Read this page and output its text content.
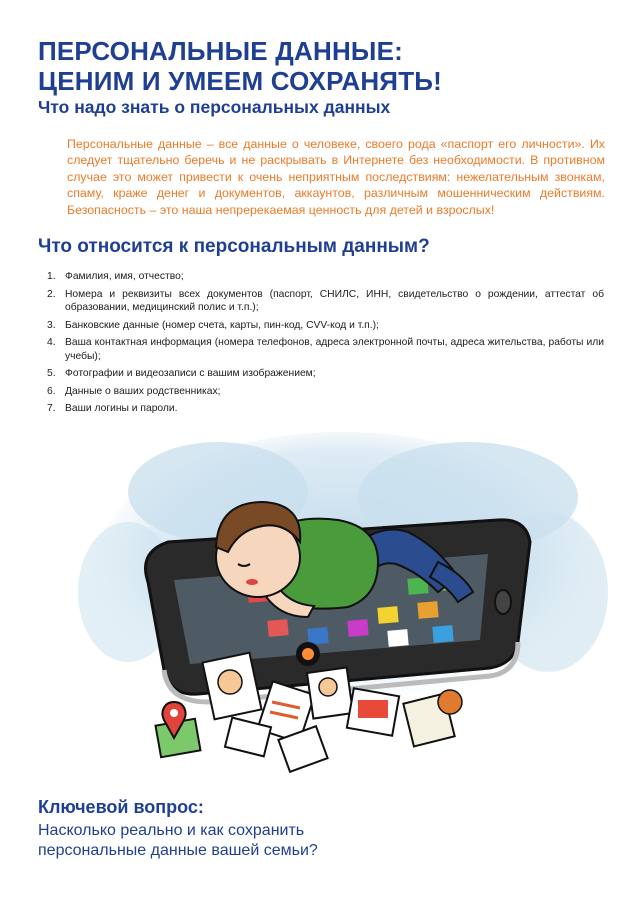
ПЕРСОНАЛЬНЫЕ ДАННЫЕ:
ЦЕНИМ И УМЕЕМ СОХРАНЯТЬ!
Что надо знать о персональных данных

Персональные данные – все данные о человеке, своего рода «паспорт его личности». Их следует тщательно беречь и не раскрывать в Интернете без необходимости. В противном случае это может привести к очень неприятным последствиям: нежелательным звонкам, спаму, краже денег и документов, аккаунтов, различным мошенническим действиям. Безопасность – это наша непререкаемая ценность для детей и взрослых!

Что относится к персональным данным?
1. Фамилия, имя, отчество;
2. Номера и реквизиты всех документов (паспорт, СНИЛС, ИНН, свидетельство о рождении, аттестат об образовании, медицинский полис и т.п.);
3. Банковские данные (номер счета, карты, пин-код, CVV-код и т.п.);
4. Ваша контактная информация (номера телефонов, адреса электронной почты, адреса жительства, работы или учебы);
5. Фотографии и видеозаписи с вашим изображением;
6. Данные о ваших родственниках;
7. Ваши логины и пароли.
Ключевой вопрос:

Насколько реально и как сохранить
персональные данные вашей семьи?
